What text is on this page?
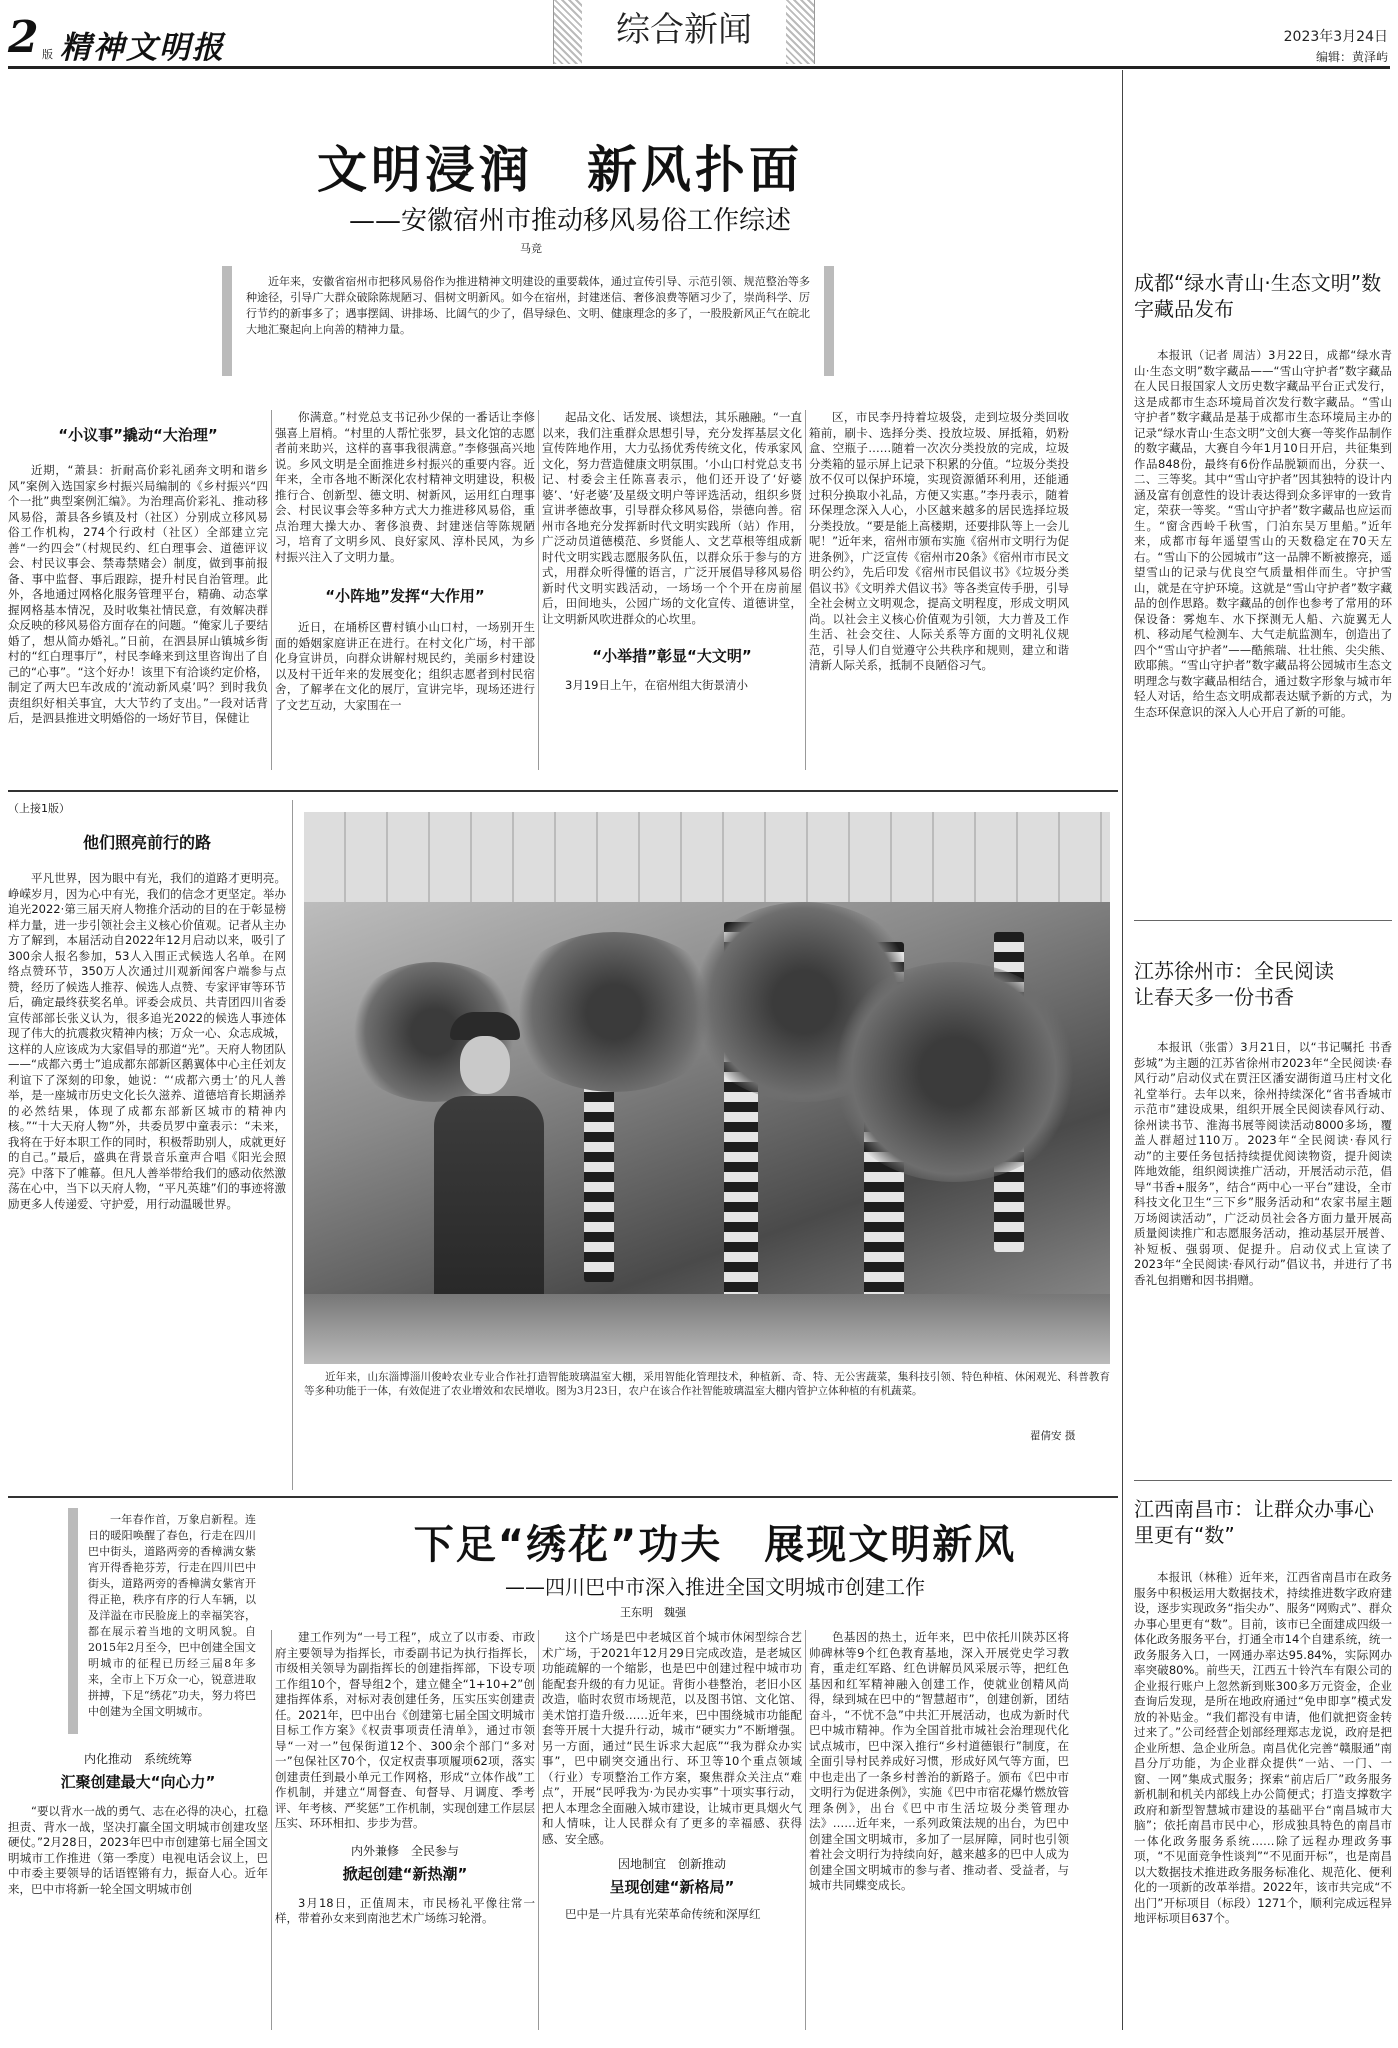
2 版 精神文明报	综合新闻	2023年3月24日
编辑：黄泽屿
文明浸润　新风扑面
——安徽宿州市推动移风易俗工作综述
马竞

近年来，安徽省宿州市把移风易俗作为推进精神文明建设的重要载体，通过宣传引导、示范引领、规范整治等多种途径，引导广大群众破除陈规陋习、倡树文明新风。如今在宿州，封建迷信、奢侈浪费等陋习少了，崇尚科学、厉行节约的新事多了；遇事摆阔、讲排场、比阔气的少了，倡导绿色、文明、健康理念的多了，一股股新风正气在皖北大地汇聚起向上向善的精神力量。

“小议事”撬动“大治理”

近期，“萧县：折耐高价彩礼函奔文明和谐乡风”案例入选国家乡村振兴局编制的《乡村振兴“四个一批”典型案例汇编》。为治理高价彩礼、推动移风易俗，萧县各乡镇及村（社区）分别成立移风易俗工作机构，274个行政村（社区）全部建立完善“一约四会”（村规民约、红白理事会、道德评议会、村民议事会、禁毒禁赌会）制度，做到事前报备、事中监督、事后跟踪，提升村民自治管理。此外，各地通过网格化服务管理平台，精确、动态掌握网格基本情况，及时收集社情民意，有效解决群众反映的移风易俗方面存在的问题。“俺家儿子要结婚了，想从简办婚礼。”日前，在泗县屏山镇城乡街村的“红白理事厅”，村民李峰来到这里咨询出了自己的“心事”。“这个好办！该里下有洽谈约定价格，制定了两大巴车改成的‘流动新风桌’吗？到时我负责组织好相关事宜，大大节约了支出。”一段对话背后，是泗县推进文明婚俗的一场好节目，保健让

你满意。”村党总支书记孙少保的一番话让李修强喜上眉梢。“村里的人帮忙张罗，县文化馆的志愿者前来助兴，这样的喜事我很满意。”李修强高兴地说。乡风文明是全面推进乡村振兴的重要内容。近年来，全市各地不断深化农村精神文明建设，积极推行合、创新型、德文明、树新风，运用红白理事会、村民议事会等多种方式大力推进移风易俗，重点治理大操大办、奢侈浪费、封建迷信等陈规陋习，培育了文明乡风、良好家风、淳朴民风，为乡村振兴注入了文明力量。

“小阵地”发挥“大作用”

近日，在埇桥区曹村镇小山口村，一场别开生面的婚姻家庭讲正在进行。在村文化广场，村干部化身宣讲员，向群众讲解村规民约，美丽乡村建设以及村干近年来的发展变化；组织志愿者到村民宿舍，了解孝在文化的展厅，宣讲完毕，现场还进行了文艺互动，大家围在一

起品文化、话发展、谈想法，其乐融融。“一直以来，我们注重群众思想引导，充分发挥基层文化宣传阵地作用，大力弘扬优秀传统文化，传承家风文化，努力营造健康文明氛围。‘小山口村党总支书记、村委会主任陈喜表示，他们还开设了‘好婆婆’、‘好老婆’及星级文明户等评选活动，组织乡贤宣讲孝德故事，引导群众移风易俗，崇德向善。宿州市各地充分发挥新时代文明实践所（站）作用，广泛动员道德模范、乡贤能人、文艺草根等组成新时代文明实践志愿服务队伍，以群众乐于参与的方式，用群众听得懂的语言，广泛开展倡导移风易俗新时代文明实践活动，一场场一个个开在房前屋后，田间地头，公园广场的文化宣传、道德讲堂，让文明新风吹进群众的心坎里。

“小举措”彰显“大文明”

3月19日上午，在宿州组大街景清小

区，市民李丹持着垃圾袋，走到垃圾分类回收箱前，刷卡、选择分类、投放垃圾、屏抵箱，奶粉盒、空瓶子……随着一次次分类投放的完成，垃圾分类箱的显示屏上记录下积累的分值。“垃圾分类投放不仅可以保护环境，实现资源循环利用，还能通过积分换取小礼品，方便又实惠。”李丹表示，随着环保理念深入人心，小区越来越多的居民选择垃圾分类投放。“要是能上高楼期，还要排队等上一会儿呢！”近年来，宿州市颁布实施《宿州市文明行为促进条例》，广泛宣传《宿州市20条》《宿州市市民文明公约》，先后印发《宿州市民倡议书》《垃圾分类倡议书》《文明养犬倡议书》等各类宣传手册，引导全社会树立文明观念，提高文明程度，形成文明风尚。以社会主义核心价值观为引领，大力普及工作生活、社会交往、人际关系等方面的文明礼仪规范，引导人们自觉遵守公共秩序和规则，建立和谐清新人际关系，抵制不良陋俗习气。

成都“绿水青山·生态文明”数字藏品发布

本报讯（记者 周洁）3月22日，成都“绿水青山·生态文明”数字藏品——“雪山守护者”数字藏品在人民日报国家人文历史数字藏品平台正式发行，这是成都市生态环境局首次发行数字藏品。“雪山守护者”数字藏品是基于成都市生态环境局主办的记录“绿水青山·生态文明”文创大赛一等奖作品制作的数字藏品，大赛自今年1月10日开启，共征集到作品848份，最终有6份作品脱颖而出，分获一、二、三等奖。其中“雪山守护者”因其独特的设计内涵及富有创意性的设计表达得到众多评审的一致肯定，荣获一等奖。“雪山守护者”数字藏品也应运而生。“窗含西岭千秋雪，门泊东吴万里船。”近年来，成都市每年遥望雪山的天数稳定在70天左右。“雪山下的公园城市”这一品牌不断被擦亮，遥望雪山的记录与优良空气质量相伴而生。守护雪山，就是在守护环境。这就是“雪山守护者”数字藏品的创作思路。数字藏品的创作也参考了常用的环保设备：雾炮车、水下探测无人船、六旋翼无人机、移动尾气检测车、大气走航监测车，创造出了四个“雪山守护者”——酷熊瑞、壮壮熊、尖尖熊、欧耶熊。“雪山守护者”数字藏品将公园城市生态文明理念与数字藏品相结合，通过数字形象与城市年轻人对话，给生态文明成都表达赋予新的方式，为生态环保意识的深入人心开启了新的可能。

江苏徐州市：全民阅读让春天多一份书香

本报讯（张雷）3月21日，以“书记嘱托 书香彭城”为主题的江苏省徐州市2023年“全民阅读·春风行动”启动仪式在贾汪区潘安湖街道马庄村文化礼堂举行。去年以来，徐州持续深化“省书香城市示范市”建设成果，组织开展全民阅读春风行动、徐州读书节、淮海书展等阅读活动8000多场，覆盖人群超过110万。2023年“全民阅读·春风行动”的主要任务包括持续提优阅读物资，提升阅读阵地效能，组织阅读推广活动，开展活动示范，倡导“书香+服务”，结合“两中心一平台”建设，全市科技文化卫生“三下乡”服务活动和“农家书屋主题万场阅读活动”，广泛动员社会各方面力量开展高质量阅读推广和志愿服务活动，推动基层开展普、补短板、强弱项、促提升。启动仪式上宣读了2023年“全民阅读·春风行动”倡议书，并进行了书香礼包捐赠和因书捐赠。

江西南昌市：让群众办事心里更有“数”

本报讯（林稚）近年来，江西省南昌市在政务服务中积极运用大数据技术，持续推进数字政府建设，逐步实现政务“指尖办”、服务“网购式”、群众办事心里更有“数”。目前，该市已全面建成四级一体化政务服务平台，打通全市14个自建系统，统一政务服务入口，一网通办率达95.84%，实际网办率突破80%。前些天，江西五十铃汽车有限公司的企业报行账户上忽然新到账300多万元资金，企业查询后发现，是所在地政府通过“免申即享”模式发放的补贴金。“我们都没有申请，他们就把资金转过来了。”公司经营企划部经理郑志龙说，政府是把企业所想、急企业所急。南昌优化完善“赣服通”南昌分厅功能，为企业群众提供“一站、一门、一窗、一网”集成式服务；探索“前店后厂”政务服务新机制和机关内部线上办公简便式；打造支撑数字政府和新型智慧城市建设的基础平台“南昌城市大脑”；依托南昌市民中心，形成独具特色的南昌市一体化政务服务系统……除了远程办理政务事项，“不见面竞争性谈判”“不见面开标”，也是南昌以大数据技术推进政务服务标准化、规范化、便利化的一项新的改革举措。2022年，该市共完成“不出门”开标项目（标段）1271个，顺利完成远程异地评标项目637个。

（上接1版）
他们照亮前行的路

平凡世界，因为眼中有光，我们的道路才更明亮。峥嵘岁月，因为心中有光，我们的信念才更坚定。举办追光2022·第三届天府人物推介活动的目的在于彰显榜样力量，进一步引领社会主义核心价值观。记者从主办方了解到，本届活动自2022年12月启动以来，吸引了300余人报名参加，53人入围正式候选人名单。在网络点赞环节，350万人次通过川观新闻客户端参与点赞，经历了候选人推荐、候选人点赞、专家评审等环节后，确定最终获奖名单。评委会成员、共青团四川省委宣传部部长张义认为，很多追光2022的候选人事迹体现了伟大的抗震救灾精神内核；万众一心、众志成城，这样的人应该成为大家倡导的那道“光”。天府人物团队——“成都六勇士”追成都东部新区鹅翼体中心主任刘友利谊下了深刻的印象，她说：“‘成都六勇士’的凡人善举，是一座城市历史文化长久滋养、道德培育长期涵养的必然结果，体现了成都东部新区城市的精神内核。”“十大天府人物”外，共委员罗中童表示：“未来，我将在于好本职工作的同时，积极帮助别人，成就更好的自己。”最后，盛典在背景音乐童声合唱《阳光会照亮》中落下了帷幕。但凡人善举带给我们的感动依然激荡在心中，当下以天府人物，“平凡英雄”们的事迹将激励更多人传递爱、守护爱，用行动温暖世界。

近年来，山东淄博淄川俊岭农业专业合作社打造智能玻璃温室大棚，采用智能化管理技术，种植新、奇、特、无公害蔬菜，集科技引领、特色种植、休闲观光、科普教育等多种功能于一体，有效促进了农业增效和农民增收。图为3月23日，农户在该合作社智能玻璃温室大棚内管护立体种植的有机蔬菜。

翟倩安 摄
下足“绣花”功夫　展现文明新风
——四川巴中市深入推进全国文明城市创建工作
王东明　魏强

一年春作首，万象启新程。连日的暖阳唤醒了春色，行走在四川巴中街头，道路两旁的香樟满女紫宵开得香艳芬芳，行走在四川巴中街头，道路两旁的香樟满女紫宵开得正艳，秩序有序的行人车辆，以及洋溢在市民脸庞上的幸福笑容，都在展示着当地的文明风貌。自2015年2月至今，巴中创建全国文明城市的征程已历经三届8年多来，全市上下万众一心，锐意进取拼搏，下足“绣花”功夫，努力将巴中创建为全国文明城市。

内化推动　系统统筹
汇聚创建最大“向心力”

“要以背水一战的勇气、志在必得的决心，扛稳担责、背水一战，坚决打赢全国文明城市创建攻坚硬仗。”2月28日，2023年巴中市创建第七届全国文明城市工作推进（第一季度）电视电话会议上，巴中市委主要领导的话语铿锵有力，振奋人心。近年来，巴中市将新一轮全国文明城市创

建工作列为“一号工程”，成立了以市委、市政府主要领导为指挥长，市委副书记为执行指挥长，市级相关领导为副指挥长的创建指挥部，下设专项工作组10个，督导组2个，建立健全“1+10+2”创建指挥体系，对标对表创建任务，压实压实创建责任。2021年，巴中出台《创建第七届全国文明城市目标工作方案》《权责事项责任清单》，通过市领导“一对一”包保街道12个、300余个部门“多对一”包保社区70个，仅定权责事项履项62项，落实创建责任到最小单元工作网格，形成“立体作战”工作机制，并建立“周督查、旬督导、月调度、季考评、年考核、严奖惩”工作机制，实现创建工作层层压实、环环相扣、步步为营。

内外兼修　全民参与
掀起创建“新热潮”

3月18日，正值周末，市民杨礼平像往常一样，带着孙女来到南池艺术广场练习轮滑。

这个广场是巴中老城区首个城市休闲型综合艺术广场，于2021年12月29日完成改造，是老城区功能疏解的一个缩影，也是巴中创建过程中城市功能配套升级的有力见证。背街小巷整治，老旧小区改造，临时农贸市场规范，以及图书馆、文化馆、美术馆打造升级……近年来，巴中围绕城市功能配套等开展十大提升行动，城市“硬实力”不断增强。另一方面，通过“民生诉求大起底”“我为群众办实事”，巴中刷突交通出行、环卫等10个重点领域（行业）专项整治工作方案，聚焦群众关注点“难点”，开展“民呼我为·为民办实事”十项实事行动，把人本理念全面融入城市建设，让城市更具烟火气和人情味，让人民群众有了更多的幸福感、获得感、安全感。

因地制宜　创新推动
呈现创建“新格局”

巴中是一片具有光荣革命传统和深厚红

色基因的热土，近年来，巴中依托川陕苏区将帅碑林等9个红色教育基地，深入开展党史学习教育，重走红军路、红色讲解员风采展示等，把红色基因和红军精神融入创建工作，使就业创精风尚得，绿到城在巴中的“智慧超市”，创建创新，团结奋斗，“不忧不急”中共汇开展活动，也成为新时代巴中城市精神。作为全国首批市城社会治理现代化试点城市，巴中深入推行“乡村道德银行”制度，在全面引导村民养成好习惯，形成好风气等方面，巴中也走出了一条乡村善治的新路子。颁布《巴中市文明行为促进条例》，实施《巴中市宿花爆竹燃放管理条例》，出台《巴中市生活垃圾分类管理办法》……近年来，一系列政策法规的出台，为巴中创建全国文明城市，多加了一层屏障，同时也引领着社会文明行为持续向好，越来越多的巴中人成为创建全国文明城市的参与者、推动者、受益者，与城市共同蝶变成长。
